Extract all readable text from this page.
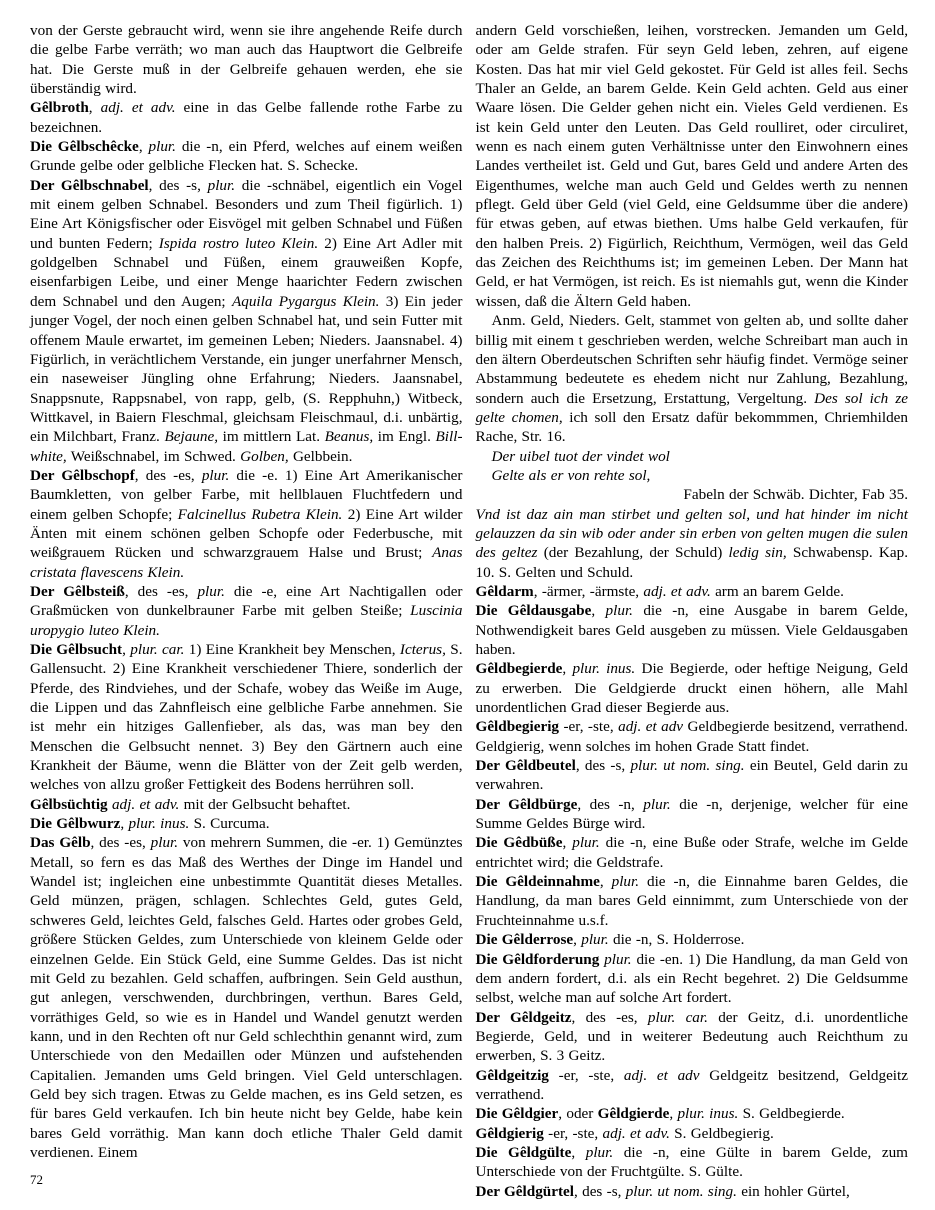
von der Gerste gebraucht wird, wenn sie ihre angehende Reife durch die gelbe Farbe verräth; wo man auch das Hauptwort die Gelbreife hat. Die Gerste muß in der Gelbreife gehauen werden, ehe sie überständig wird.

Gêlbroth, adj. et adv. eine in das Gelbe fallende rothe Farbe zu bezeichnen.

Die Gêlbschêcke, plur. die -n, ein Pferd, welches auf einem weißen Grunde gelbe oder gelbliche Flecken hat. S. Schecke.

Der Gêlbschnabel, des -s, plur. die -schnäbel, eigentlich ein Vogel mit einem gelben Schnabel. Besonders und zum Theil figürlich. 1) Eine Art Königsfischer oder Eisvögel mit gelben Schnabel und Füßen und bunten Federn; Ispida rostro luteo Klein. 2) Eine Art Adler mit goldgelben Schnabel und Füßen, einem grauweißen Kopfe, eisenfarbigen Leibe, und einer Menge haarichter Federn zwischen dem Schnabel und den Augen; Aquila Pygargus Klein. 3) Ein jeder junger Vogel, der noch einen gelben Schnabel hat, und sein Futter mit offenem Maule erwartet, im gemeinen Leben; Nieders. Jaansnabel. 4) Figürlich, in verächtlichem Verstande, ein junger unerfahrner Mensch, ein naseweiser Jüngling ohne Erfahrung; Nieders. Jaansnabel, Snappsnute, Rappsnabel, von rapp, gelb, (S. Repphuhn,) Witbeck, Wittkavel, in Baiern Fleschmal, gleichsam Fleischmaul, d.i. unbärtig, ein Milchbart, Franz. Bejaune, im mittlern Lat. Beanus, im Engl. Bill-white, Weißschnabel, im Schwed. Golben, Gelbbein.

Der Gêlbschopf, des -es, plur. die -e. 1) Eine Art Amerikanischer Baumkletten, von gelber Farbe, mit hellblauen Fluchtfedern und einem gelben Schopfe; Falcinellus Rubetra Klein. 2) Eine Art wilder Änten mit einem schönen gelben Schopfe oder Federbusche, mit weißgrauem Rücken und schwarzgrauem Halse und Brust; Anas cristata flavescens Klein.

Der Gêlbsteiß, des -es, plur. die -e, eine Art Nachtigallen oder Graßmücken von dunkelbrauner Farbe mit gelben Steiße; Luscinia uropygio luteo Klein.

Die Gêlbsucht, plur. car. 1) Eine Krankheit bey Menschen, Icterus, S. Gallensucht. 2) Eine Krankheit verschiedener Thiere, sonderlich der Pferde, des Rindviehes, und der Schafe, wobey das Weiße im Auge, die Lippen und das Zahnfleisch eine gelbliche Farbe annehmen. Sie ist mehr ein hitziges Gallenfieber, als das, was man bey den Menschen die Gelbsucht nennet. 3) Bey den Gärtnern auch eine Krankheit der Bäume, wenn die Blätter von der Zeit gelb werden, welches von allzu großer Fettigkeit des Bodens herrühren soll.

Gêlbsüchtig adj. et adv. mit der Gelbsucht behaftet.

Die Gêlbwurz, plur. inus. S. Curcuma.

Das Gêlb, des -es, plur. von mehrern Summen, die -er. 1) Gemünztes Metall, so fern es das Maß des Werthes der Dinge im Handel und Wandel ist; ingleichen eine unbestimmte Quantität dieses Metalles. Geld münzen, prägen, schlagen. Schlechtes Geld, gutes Geld, schweres Geld, leichtes Geld, falsches Geld. Hartes oder grobes Geld, größere Stücken Geldes, zum Unterschiede von kleinem Gelde oder einzelnen Gelde. Ein Stück Geld, eine Summe Geldes. Das ist nicht mit Geld zu bezahlen. Geld schaffen, aufbringen. Sein Geld austhun, gut anlegen, verschwenden, durchbringen, verthun. Bares Geld, vorräthiges Geld, so wie es in Handel und Wandel genutzt werden kann, und in den Rechten oft nur Geld schlechthin genannt wird, zum Unterschiede von den Medaillen oder Münzen und aufstehenden Capitalien. Jemanden ums Geld bringen. Viel Geld unterschlagen. Geld bey sich tragen. Etwas zu Gelde machen, es ins Geld setzen, es für bares Geld verkaufen. Ich bin heute nicht bey Gelde, habe kein bares Geld vorräthig. Man kann doch etliche Thaler Geld damit verdienen. Einem

andern Geld vorschießen, leihen, vorstrecken. Jemanden um Geld, oder am Gelde strafen. Für seyn Geld leben, zehren, auf eigene Kosten. Das hat mir viel Geld gekostet. Für Geld ist alles feil. Sechs Thaler an Gelde, an barem Gelde. Kein Geld achten. Geld aus einer Waare lösen. Die Gelder gehen nicht ein. Vieles Geld verdienen. Es ist kein Geld unter den Leuten. Das Geld roulliret, oder circuliret, wenn es nach einem guten Verhältnisse unter den Einwohnern eines Landes vertheilet ist. Geld und Gut, bares Geld und andere Arten des Eigenthumes, welche man auch Geld und Geldes werth zu nennen pflegt. Geld über Geld (viel Geld, eine Geldsumme über die andere) für etwas geben, auf etwas biethen. Ums halbe Geld verkaufen, für den halben Preis. 2) Figürlich, Reichthum, Vermögen, weil das Geld das Zeichen des Reichthums ist; im gemeinen Leben. Der Mann hat Geld, er hat Vermögen, ist reich. Es ist niemahls gut, wenn die Kinder wissen, daß die Ältern Geld haben.

Anm. Geld, Nieders. Gelt, stammet von gelten ab, und sollte daher billig mit einem t geschrieben werden, welche Schreibart man auch in den ältern Oberdeutschen Schriften sehr häufig findet. Vermöge seiner Abstammung bedeutete es ehedem nicht nur Zahlung, Bezahlung, sondern auch die Ersetzung, Erstattung, Vergeltung. Des sol ich ze gelte chomen, ich soll den Ersatz dafür bekommmen, Chriemhilden Rache, Str. 16.

Der uibel tuot der vindet wol

Gelte als er von rehte sol,

Fabeln der Schwäb. Dichter, Fab 35.

Vnd ist daz ain man stirbet und gelten sol, und hat hinder im nicht gelauzzen da sin wib oder ander sin erben von gelten mugen die sulen des geltez (der Bezahlung, der Schuld) ledig sin, Schwabensp. Kap. 10. S. Gelten und Schuld.

Gêldarm, -ärmer, -ärmste, adj. et adv. arm an barem Gelde.

Die Gêldausgabe, plur. die -n, eine Ausgabe in barem Gelde, Nothwendigkeit bares Geld ausgeben zu müssen. Viele Geldausgaben haben.

Gêldbegierde, plur. inus. Die Begierde, oder heftige Neigung, Geld zu erwerben. Die Geldgierde druckt einen höhern, alle Mahl unordentlichen Grad dieser Begierde aus.

Gêldbegierig -er, -ste, adj. et adv Geldbegierde besitzend, verrathend. Geldgierig, wenn solches im hohen Grade Statt findet.

Der Gêldbeutel, des -s, plur. ut nom. sing. ein Beutel, Geld darin zu verwahren.

Der Gêldbürge, des -n, plur. die -n, derjenige, welcher für eine Summe Geldes Bürge wird.

Die Gêdbüße, plur. die -n, eine Buße oder Strafe, welche im Gelde entrichtet wird; die Geldstrafe.

Die Gêldeinnahme, plur. die -n, die Einnahme baren Geldes, die Handlung, da man bares Geld einnimmt, zum Unterschiede von der Fruchteinnahme u.s.f.

Die Gêlderrose, plur. die -n, S. Holderrose.

Die Gêldforderung plur. die -en. 1) Die Handlung, da man Geld von dem andern fordert, d.i. als ein Recht begehret. 2) Die Geldsumme selbst, welche man auf solche Art fordert.

Der Gêldgeitz, des -es, plur. car. der Geitz, d.i. unordentliche Begierde, Geld, und in weiterer Bedeutung auch Reichthum zu erwerben, S. 3 Geitz.

Gêldgeitzig -er, -ste, adj. et adv Geldgeitz besitzend, Geldgeitz verrathend.

Die Gêldgier, oder Gêldgierde, plur. inus. S. Geldbegierde.

Gêldgierig -er, -ste, adj. et adv. S. Geldbegierig.

Die Gêldgülte, plur. die -n, eine Gülte in barem Gelde, zum Unterschiede von der Fruchtgülte. S. Gülte.

Der Gêldgürtel, des -s, plur. ut nom. sing. ein hohler Gürtel,

72
